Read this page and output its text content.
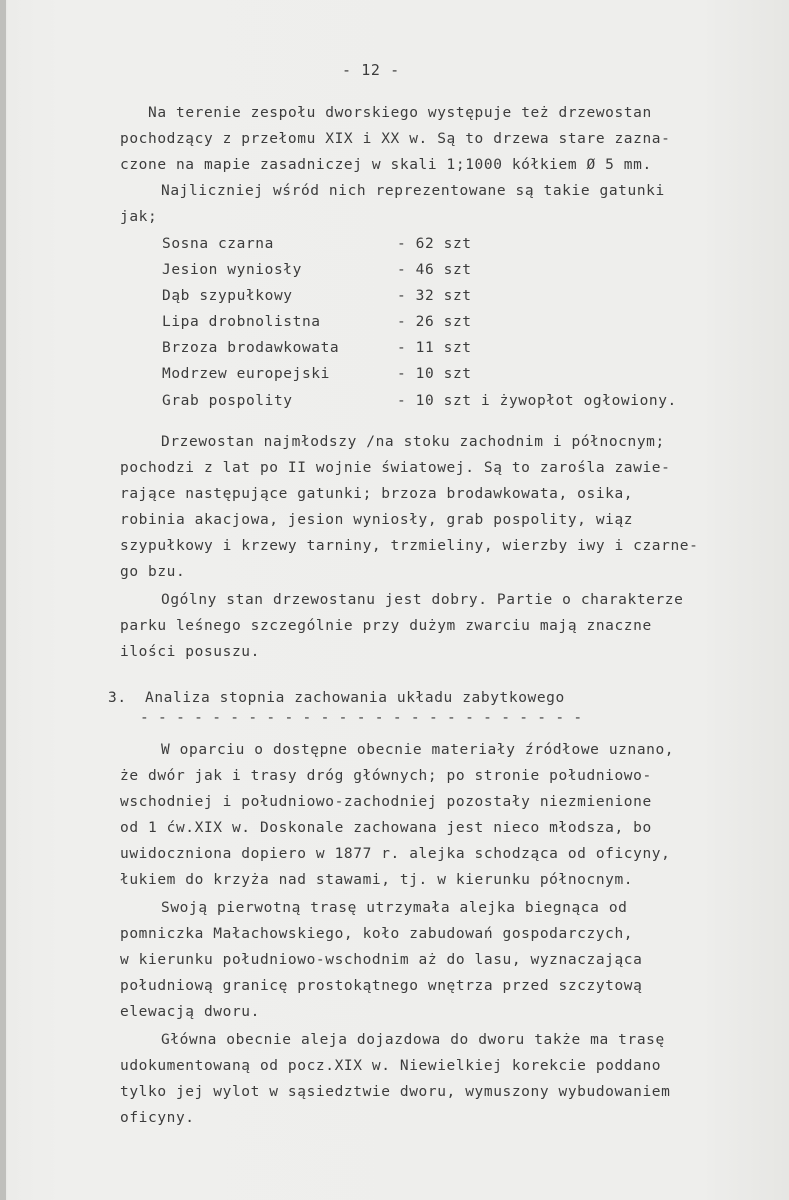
- 12 -
Na terenie zespołu dworskiego występuje też drzewostan
pochodzący z przełomu XIX i XX w. Są to drzewa stare zazna-
czone na mapie zasadniczej w skali 1;1000 kółkiem Ø 5 mm.
Najliczniej wśród nich reprezentowane są takie gatunki
jak;
Sosna czarna	- 62 szt
Jesion wyniosły	- 46 szt
Dąb szypułkowy	- 32 szt
Lipa drobnolistna	- 26 szt
Brzoza brodawkowata	- 11 szt
Modrzew europejski	- 10 szt
Grab pospolity	- 10 szt i żywopłot ogłowiony.
Drzewostan najmłodszy /na stoku zachodnim i północnym;
pochodzi z lat po II wojnie światowej. Są to zarośla zawie-
rające następujące gatunki; brzoza brodawkowata, osika,
robinia akacjowa, jesion wyniosły, grab pospolity, wiąz
szypułkowy i krzewy tarniny, trzmieliny, wierzby iwy i czarne-
go bzu.
Ogólny stan drzewostanu jest dobry. Partie o charakterze
parku leśnego szczególnie przy dużym zwarciu mają znaczne
ilości posuszu.
3. Analiza stopnia zachowania układu zabytkowego
- - - - - - - - - - - - - - - - - - - - - - - - -
W oparciu o dostępne obecnie materiały źródłowe uznano,
że dwór jak i trasy dróg głównych; po stronie południowo-
wschodniej i południowo-zachodniej pozostały niezmienione
od 1 ćw.XIX w. Doskonale zachowana jest nieco młodsza, bo
uwidoczniona dopiero w 1877 r. alejka schodząca od oficyny,
łukiem do krzyża nad stawami, tj. w kierunku północnym.
Swoją pierwotną trasę utrzymała alejka biegnąca od
pomniczka Małachowskiego, koło zabudowań gospodarczych,
w kierunku południowo-wschodnim aż do lasu, wyznaczająca
południową granicę prostokątnego wnętrza przed szczytową
elewacją dworu.
Główna obecnie aleja dojazdowa do dworu także ma trasę
udokumentowaną od pocz.XIX w. Niewielkiej korekcie poddano
tylko jej wylot w sąsiedztwie dworu, wymuszony wybudowaniem
oficyny.
